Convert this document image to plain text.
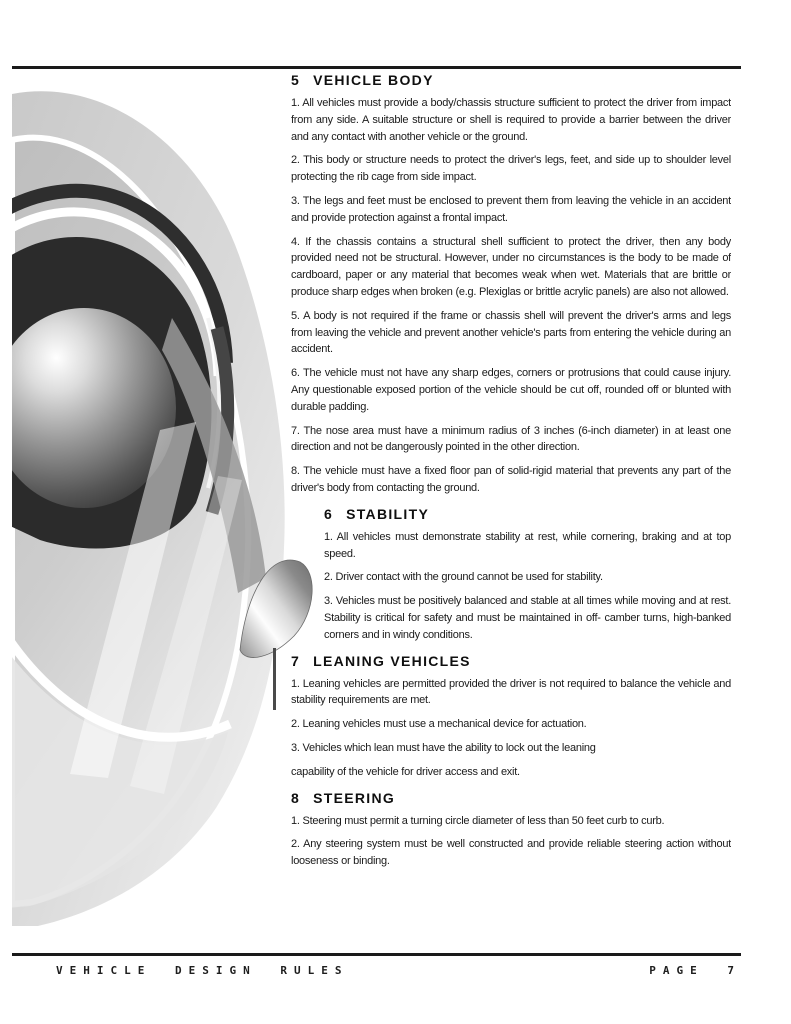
5 VEHICLE BODY

1. All vehicles must provide a body/chassis structure sufficient to protect the driver from impact from any side. A suitable structure or shell is required to provide a barrier between the driver and any contact with another vehicle or the ground.

2. This body or structure needs to protect the driver's legs, feet, and side up to shoulder level protecting the rib cage from side impact.

3. The legs and feet must be enclosed to prevent them from leaving the vehicle in an accident and provide protection against a frontal impact.

4. If the chassis contains a structural shell sufficient to protect the driver, then any body provided need not be structural. However, under no circumstances is the body to be made of cardboard, paper or any material that becomes weak when wet. Materials that are brittle or produce sharp edges when broken (e.g. Plexiglas or brittle acrylic panels) are also not allowed.

5. A body is not required if the frame or chassis shell will prevent the driver's arms and legs from leaving the vehicle and prevent another vehicle's parts from entering the vehicle during an accident.

6. The vehicle must not have any sharp edges, corners or protrusions that could cause injury. Any questionable exposed portion of the vehicle should be cut off, rounded off or blunted with durable padding.

7. The nose area must have a minimum radius of 3 inches (6-inch diameter) in at least one direction and not be dangerously pointed in the other direction.

8. The vehicle must have a fixed floor pan of solid-rigid material that prevents any part of the driver's body from contacting the ground.

6 STABILITY

1. All vehicles must demonstrate stability at rest, while cornering, braking and at top speed.

2. Driver contact with the ground cannot be used for stability.

3. Vehicles must be positively balanced and stable at all times while moving and at rest. Stability is critical for safety and must be maintained in off- camber turns, high-banked corners and in windy conditions.

7 LEANING VEHICLES

1. Leaning vehicles are permitted provided the driver is not required to balance the vehicle and stability requirements are met.

2. Leaning vehicles must use a mechanical device for actuation.

3. Vehicles which lean must have the ability to lock out the leaning

capability of the vehicle for driver access and exit.

8 STEERING

1. Steering must permit a turning circle diameter of less than 50 feet curb to curb.

2. Any steering system must be well constructed and provide reliable steering action without looseness or binding.

VEHICLE DESIGN RULES	PAGE 7
